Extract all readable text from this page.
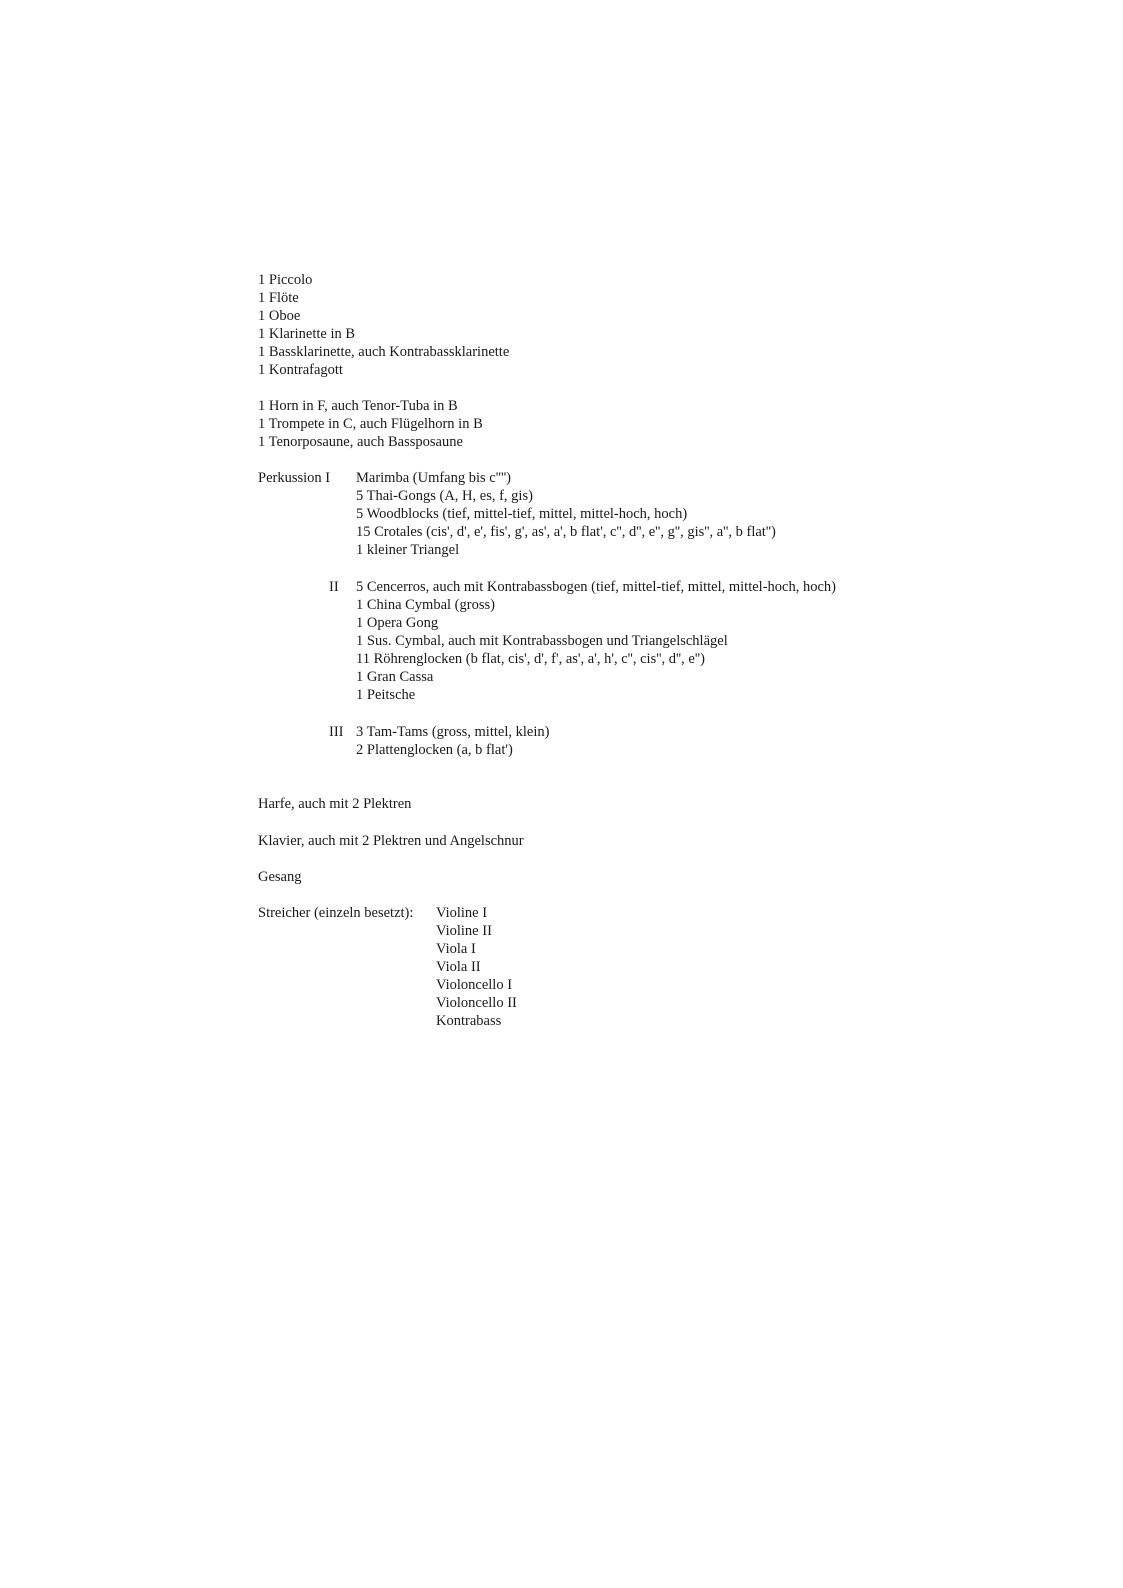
1 Piccolo
1 Flöte
1 Oboe
1 Klarinette in B
1 Bassklarinette, auch Kontrabassklarinette
1 Kontrafagott
1 Horn in F, auch Tenor-Tuba in B
1 Trompete in C, auch Flügelhorn in B
1 Tenorposaune, auch Bassposaune
Perkussion I Marimba (Umfang bis c'''')
5 Thai-Gongs (A, H, es, f, gis)
5 Woodblocks (tief, mittel-tief, mittel, mittel-hoch, hoch)
15 Crotales (cis', d', e', fis', g', as', a', b flat', c'', d'', e'', g'', gis'', a'', b flat'')
1 kleiner Triangel
II 5 Cencerros, auch mit Kontrabassbogen (tief, mittel-tief, mittel, mittel-hoch, hoch)
1 China Cymbal (gross)
1 Opera Gong
1 Sus. Cymbal, auch mit Kontrabassbogen und Triangelschlägel
11 Röhrenglocken (b flat, cis', d', f', as', a', h', c'', cis'', d'', e'')
1 Gran Cassa
1 Peitsche
III 3 Tam-Tams (gross, mittel, klein)
2 Plattenglocken (a, b flat')
Harfe, auch mit 2 Plektren
Klavier, auch mit 2 Plektren und Angelschnur
Gesang
Streicher (einzeln besetzt): Violine I
Violine II
Viola I
Viola II
Violoncello I
Violoncello II
Kontrabass
